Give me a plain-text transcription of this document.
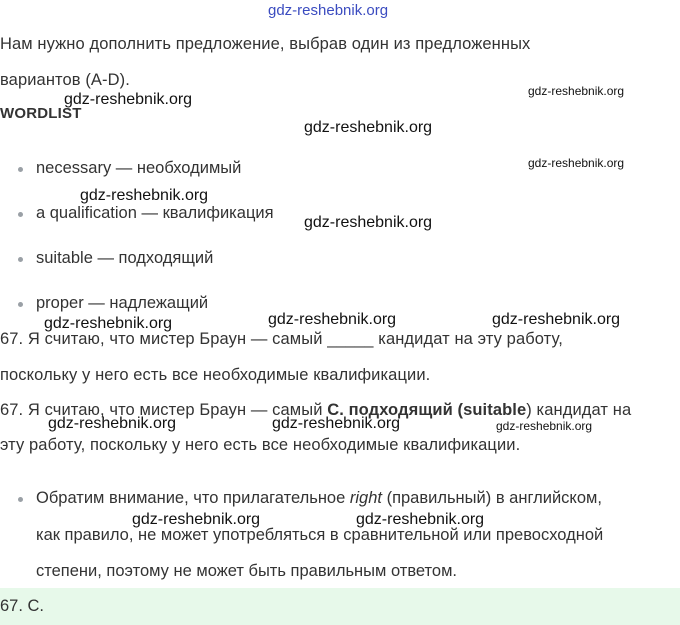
Нам нужно дополнить предложение, выбрав один из предложенных
вариантов (A-D).
WORDLIST
necessary — необходимый
a qualification — квалификация
suitable — подходящий
proper — надлежащий
67. Я считаю, что мистер Браун — самый _____ кандидат на эту работу,
поскольку у него есть все необходимые квалификации.
67. Я считаю, что мистер Браун — самый С. подходящий (suitable) кандидат на
эту работу, поскольку у него есть все необходимые квалификации.
Обратим внимание, что прилагательное right (правильный) в английском,
как правило, не может употребляться в сравнительной или превосходной
степени, поэтому не может быть правильным ответом.
67. С.
gdz-reshebnik.org
gdz-reshebnik.org	gdz-reshebnik.org
gdz-reshebnik.org
gdz-reshebnik.org
gdz-reshebnik.org
gdz-reshebnik.org
gdz-reshebnik.org	gdz-reshebnik.org	gdz-reshebnik.org
gdz-reshebnik.org	gdz-reshebnik.org	gdz-reshebnik.org
gdz-reshebnik.org	gdz-reshebnik.org
